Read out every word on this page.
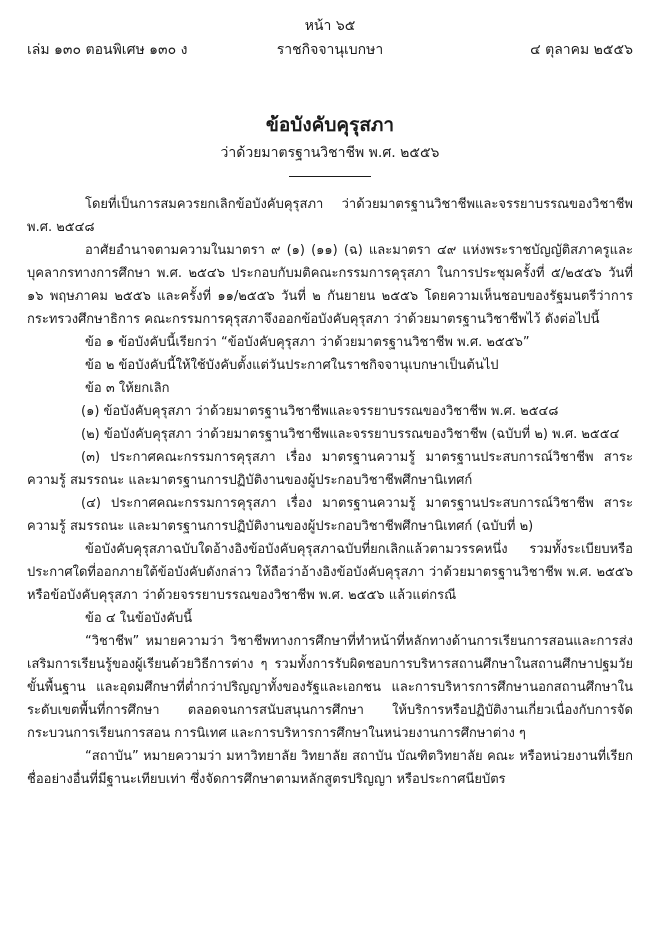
หน้า ๖๕
เล่ม ๑๓๐ ตอนพิเศษ ๑๓๐ ง	ราชกิจจานุเบกษา	๔ ตุลาคม ๒๕๕๖
ข้อบังคับคุรุสภา
ว่าด้วยมาตรฐานวิชาชีพ พ.ศ. ๒๕๕๖

โดยที่เป็นการสมควรยกเลิกข้อบังคับคุรุสภา ว่าด้วยมาตรฐานวิชาชีพและจรรยาบรรณของวิชาชีพ พ.ศ. ๒๕๔๘

อาศัยอำนาจตามความในมาตรา ๙ (๑) (๑๑) (ฉ) และมาตรา ๔๙ แห่งพระราชบัญญัติสภาครูและบุคลากรทางการศึกษา พ.ศ. ๒๕๔๖ ประกอบกับมติคณะกรรมการคุรุสภา ในการประชุมครั้งที่ ๕/๒๕๕๖ วันที่ ๑๖ พฤษภาคม ๒๕๕๖ และครั้งที่ ๑๑/๒๕๕๖ วันที่ ๒ กันยายน ๒๕๕๖ โดยความเห็นชอบของรัฐมนตรีว่าการกระทรวงศึกษาธิการ คณะกรรมการคุรุสภาจึงออกข้อบังคับคุรุสภา ว่าด้วยมาตรฐานวิชาชีพไว้ ดังต่อไปนี้

ข้อ ๑ ข้อบังคับนี้เรียกว่า “ข้อบังคับคุรุสภา ว่าด้วยมาตรฐานวิชาชีพ พ.ศ. ๒๕๕๖”

ข้อ ๒ ข้อบังคับนี้ให้ใช้บังคับตั้งแต่วันประกาศในราชกิจจานุเบกษาเป็นต้นไป

ข้อ ๓ ให้ยกเลิก

(๑) ข้อบังคับคุรุสภา ว่าด้วยมาตรฐานวิชาชีพและจรรยาบรรณของวิชาชีพ พ.ศ. ๒๕๔๘

(๒) ข้อบังคับคุรุสภา ว่าด้วยมาตรฐานวิชาชีพและจรรยาบรรณของวิชาชีพ (ฉบับที่ ๒) พ.ศ. ๒๕๕๔

(๓) ประกาศคณะกรรมการคุรุสภา เรื่อง มาตรฐานความรู้ มาตรฐานประสบการณ์วิชาชีพ สาระความรู้ สมรรถนะ และมาตรฐานการปฏิบัติงานของผู้ประกอบวิชาชีพศึกษานิเทศก์

(๔) ประกาศคณะกรรมการคุรุสภา เรื่อง มาตรฐานความรู้ มาตรฐานประสบการณ์วิชาชีพ สาระความรู้ สมรรถนะ และมาตรฐานการปฏิบัติงานของผู้ประกอบวิชาชีพศึกษานิเทศก์ (ฉบับที่ ๒)

ข้อบังคับคุรุสภาฉบับใดอ้างอิงข้อบังคับคุรุสภาฉบับที่ยกเลิกแล้วตามวรรคหนึ่ง รวมทั้งระเบียบหรือประกาศใดที่ออกภายใต้ข้อบังคับดังกล่าว ให้ถือว่าอ้างอิงข้อบังคับคุรุสภา ว่าด้วยมาตรฐานวิชาชีพ พ.ศ. ๒๕๕๖ หรือข้อบังคับคุรุสภา ว่าด้วยจรรยาบรรณของวิชาชีพ พ.ศ. ๒๕๕๖ แล้วแต่กรณี

ข้อ ๔ ในข้อบังคับนี้

“วิชาชีพ” หมายความว่า วิชาชีพทางการศึกษาที่ทำหน้าที่หลักทางด้านการเรียนการสอนและการส่งเสริมการเรียนรู้ของผู้เรียนด้วยวิธีการต่าง ๆ รวมทั้งการรับผิดชอบการบริหารสถานศึกษาในสถานศึกษาปฐมวัย ขั้นพื้นฐาน และอุดมศึกษาที่ต่ำกว่าปริญญาทั้งของรัฐและเอกชน และการบริหารการศึกษานอกสถานศึกษาในระดับเขตพื้นที่การศึกษา ตลอดจนการสนับสนุนการศึกษา ให้บริการหรือปฏิบัติงานเกี่ยวเนื่องกับการจัดกระบวนการเรียนการสอน การนิเทศ และการบริหารการศึกษาในหน่วยงานการศึกษาต่าง ๆ

“สถาบัน” หมายความว่า มหาวิทยาลัย วิทยาลัย สถาบัน บัณฑิตวิทยาลัย คณะ หรือหน่วยงานที่เรียกชื่ออย่างอื่นที่มีฐานะเทียบเท่า ซึ่งจัดการศึกษาตามหลักสูตรปริญญา หรือประกาศนียบัตร
